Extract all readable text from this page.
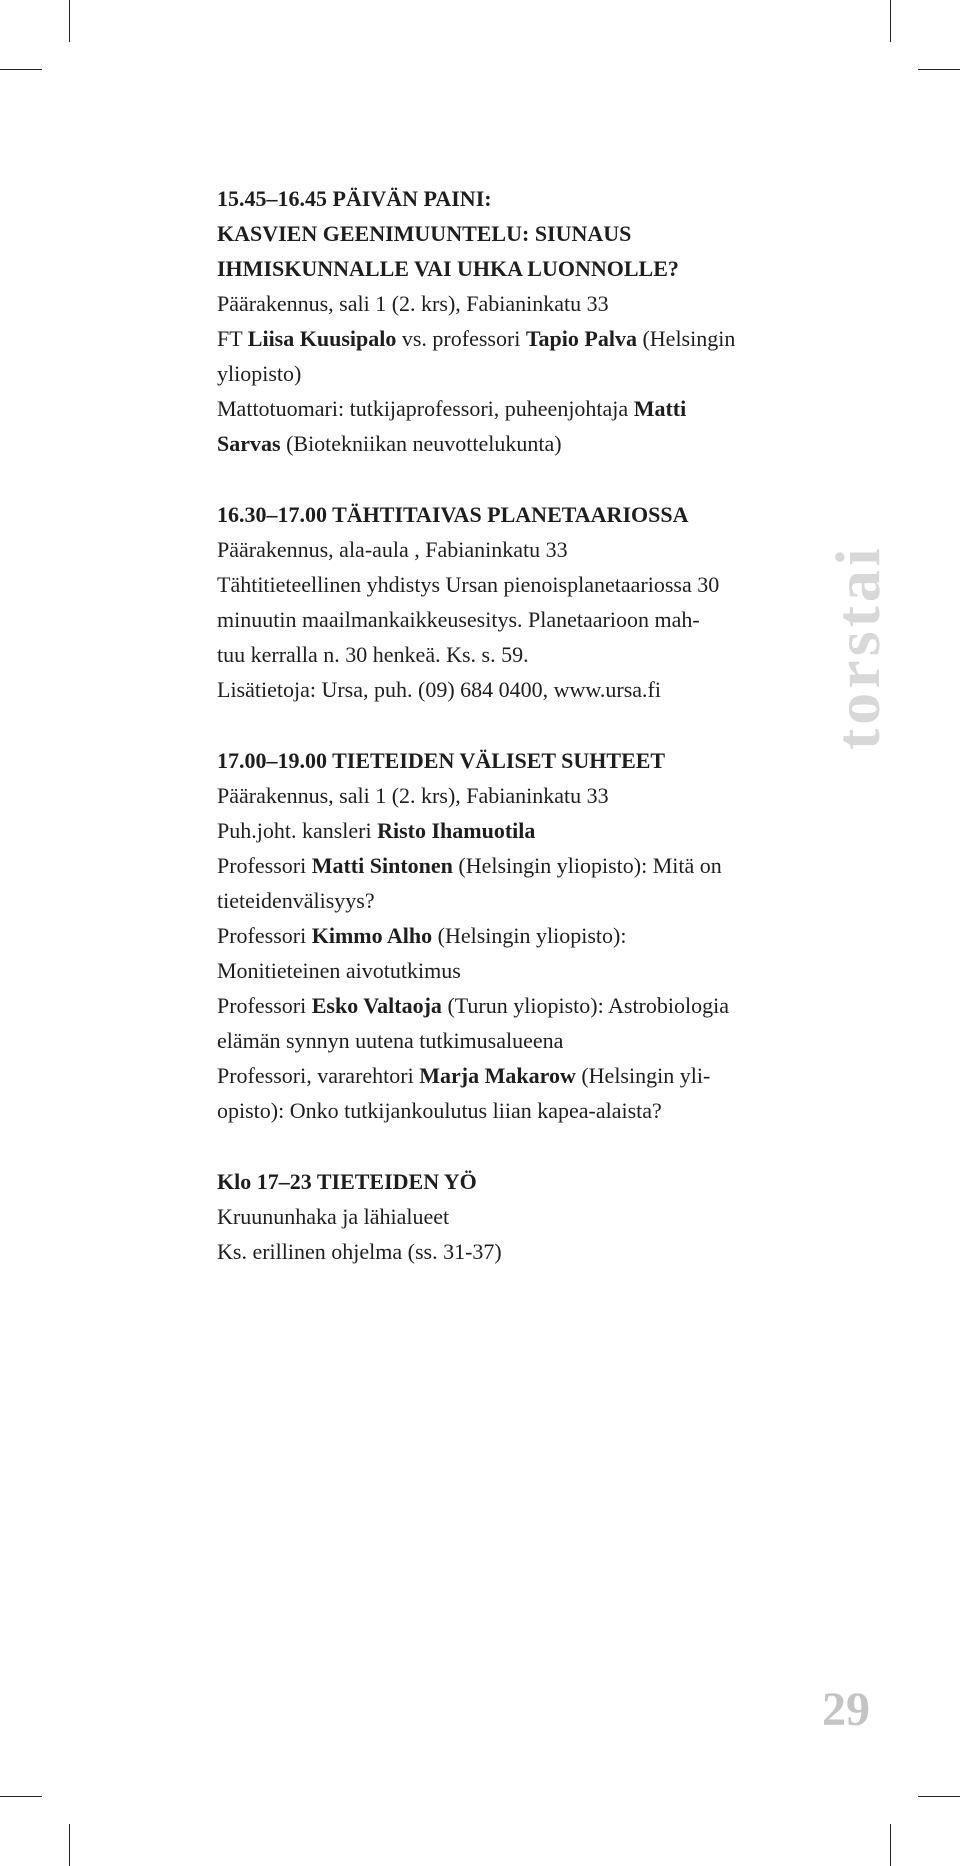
15.45–16.45 PÄIVÄN PAINI:
KASVIEN GEENIMUUNTELU: SIUNAUS
IHMISKUNNALLE VAI UHKA LUONNOLLE?
Päärakennus, sali 1 (2. krs), Fabianinkatu 33
FT Liisa Kuusipalo vs. professori Tapio Palva (Helsingin
yliopisto)
Mattotuomari: tutkijaprofessori, puheenjohtaja Matti
Sarvas (Biotekniikan neuvottelukunta)
16.30–17.00 TÄHTITAIVAS PLANETAARIOSSA
Päärakennus, ala-aula , Fabianinkatu 33
Tähtitieteellinen yhdistys Ursan pienoisplanetaariossa 30
minuutin maailmankaikkeusesitys. Planetaarioon mah-
tuu kerralla n. 30 henkeä. Ks. s. 59.
Lisätietoja: Ursa, puh. (09) 684 0400, www.ursa.fi
17.00–19.00 TIETEIDEN VÄLISET SUHTEET
Päärakennus, sali 1 (2. krs), Fabianinkatu 33
Puh.joht. kansleri Risto Ihamuotila
Professori Matti Sintonen (Helsingin yliopisto): Mitä on
tieteidenvälisyys?
Professori Kimmo Alho (Helsingin yliopisto):
Monitieteinen aivotutkimus
Professori Esko Valtaoja (Turun yliopisto): Astrobiologia
elämän synnyn uutena tutkimusalueena
Professori, vararehtori Marja Makarow (Helsingin yli-
opisto): Onko tutkijankoulutus liian kapea-alaista?
Klo 17–23 TIETEIDEN YÖ
Kruununhaka ja lähialueet
Ks. erillinen ohjelma (ss. 31-37)
torstai
29
